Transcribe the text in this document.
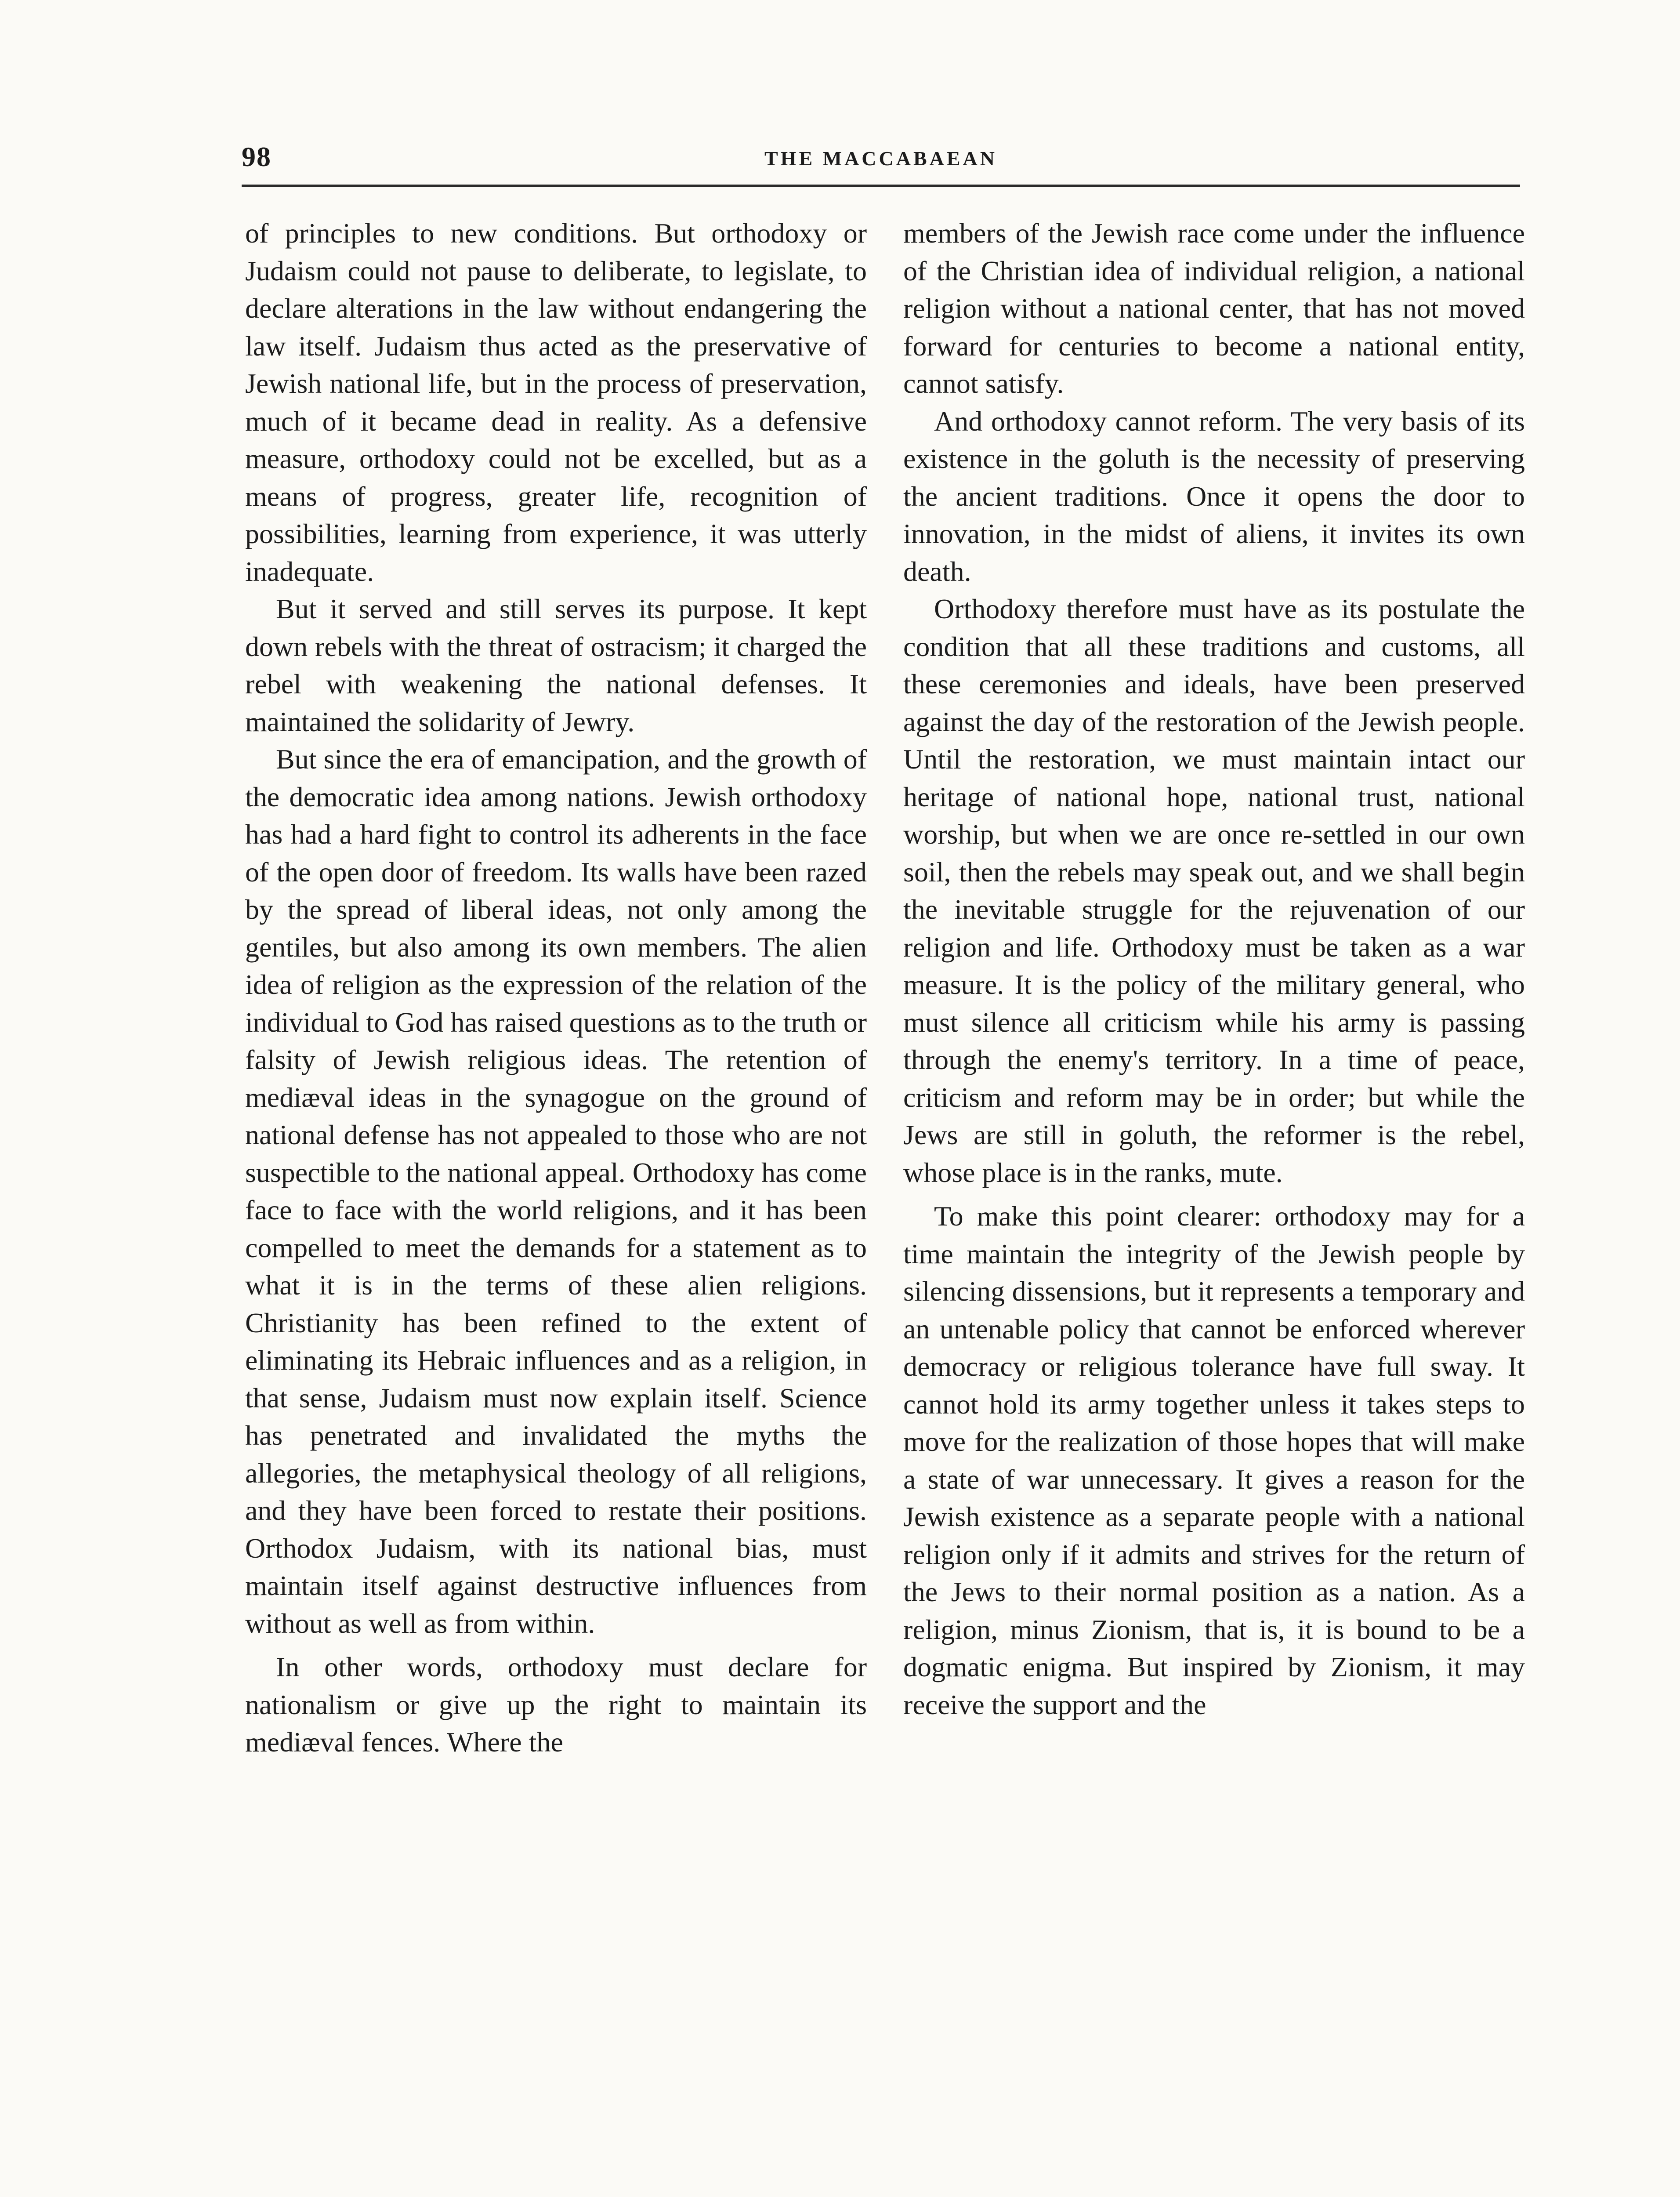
98	THE MACCABAEAN

of principles to new conditions. But orthodoxy or Judaism could not pause to deliberate, to legislate, to declare alterations in the law without endangering the law itself. Judaism thus acted as the preservative of Jewish national life, but in the process of preservation, much of it became dead in reality. As a defensive measure, orthodoxy could not be excelled, but as a means of progress, greater life, recognition of possibilities, learning from experience, it was utterly inadequate.

But it served and still serves its purpose. It kept down rebels with the threat of ostracism; it charged the rebel with weakening the national defenses. It maintained the solidarity of Jewry.

But since the era of emancipation, and the growth of the democratic idea among nations. Jewish orthodoxy has had a hard fight to control its adherents in the face of the open door of freedom. Its walls have been razed by the spread of liberal ideas, not only among the gentiles, but also among its own members. The alien idea of religion as the expression of the relation of the individual to God has raised questions as to the truth or falsity of Jewish religious ideas. The retention of mediæval ideas in the synagogue on the ground of national defense has not appealed to those who are not suspectible to the national appeal. Orthodoxy has come face to face with the world religions, and it has been compelled to meet the demands for a statement as to what it is in the terms of these alien religions. Christianity has been refined to the extent of eliminating its Hebraic influences and as a religion, in that sense, Judaism must now explain itself. Science has penetrated and invalidated the myths the allegories, the metaphysical theology of all religions, and they have been forced to restate their positions. Orthodox Judaism, with its national bias, must maintain itself against destructive influences from without as well as from within.

In other words, orthodoxy must declare for nationalism or give up the right to maintain its mediæval fences. Where the

members of the Jewish race come under the influence of the Christian idea of individual religion, a national religion without a national center, that has not moved forward for centuries to become a national entity, cannot satisfy.

And orthodoxy cannot reform. The very basis of its existence in the goluth is the necessity of preserving the ancient traditions. Once it opens the door to innovation, in the midst of aliens, it invites its own death.

Orthodoxy therefore must have as its postulate the condition that all these traditions and customs, all these ceremonies and ideals, have been preserved against the day of the restoration of the Jewish people. Until the restoration, we must maintain intact our heritage of national hope, national trust, national worship, but when we are once re-settled in our own soil, then the rebels may speak out, and we shall begin the inevitable struggle for the rejuvenation of our religion and life. Orthodoxy must be taken as a war measure. It is the policy of the military general, who must silence all criticism while his army is passing through the enemy's territory. In a time of peace, criticism and reform may be in order; but while the Jews are still in goluth, the reformer is the rebel, whose place is in the ranks, mute.

To make this point clearer: orthodoxy may for a time maintain the integrity of the Jewish people by silencing dissensions, but it represents a temporary and an untenable policy that cannot be enforced wherever democracy or religious tolerance have full sway. It cannot hold its army together unless it takes steps to move for the realization of those hopes that will make a state of war unnecessary. It gives a reason for the Jewish existence as a separate people with a national religion only if it admits and strives for the return of the Jews to their normal position as a nation. As a religion, minus Zionism, that is, it is bound to be a dogmatic enigma. But inspired by Zionism, it may receive the support and the
